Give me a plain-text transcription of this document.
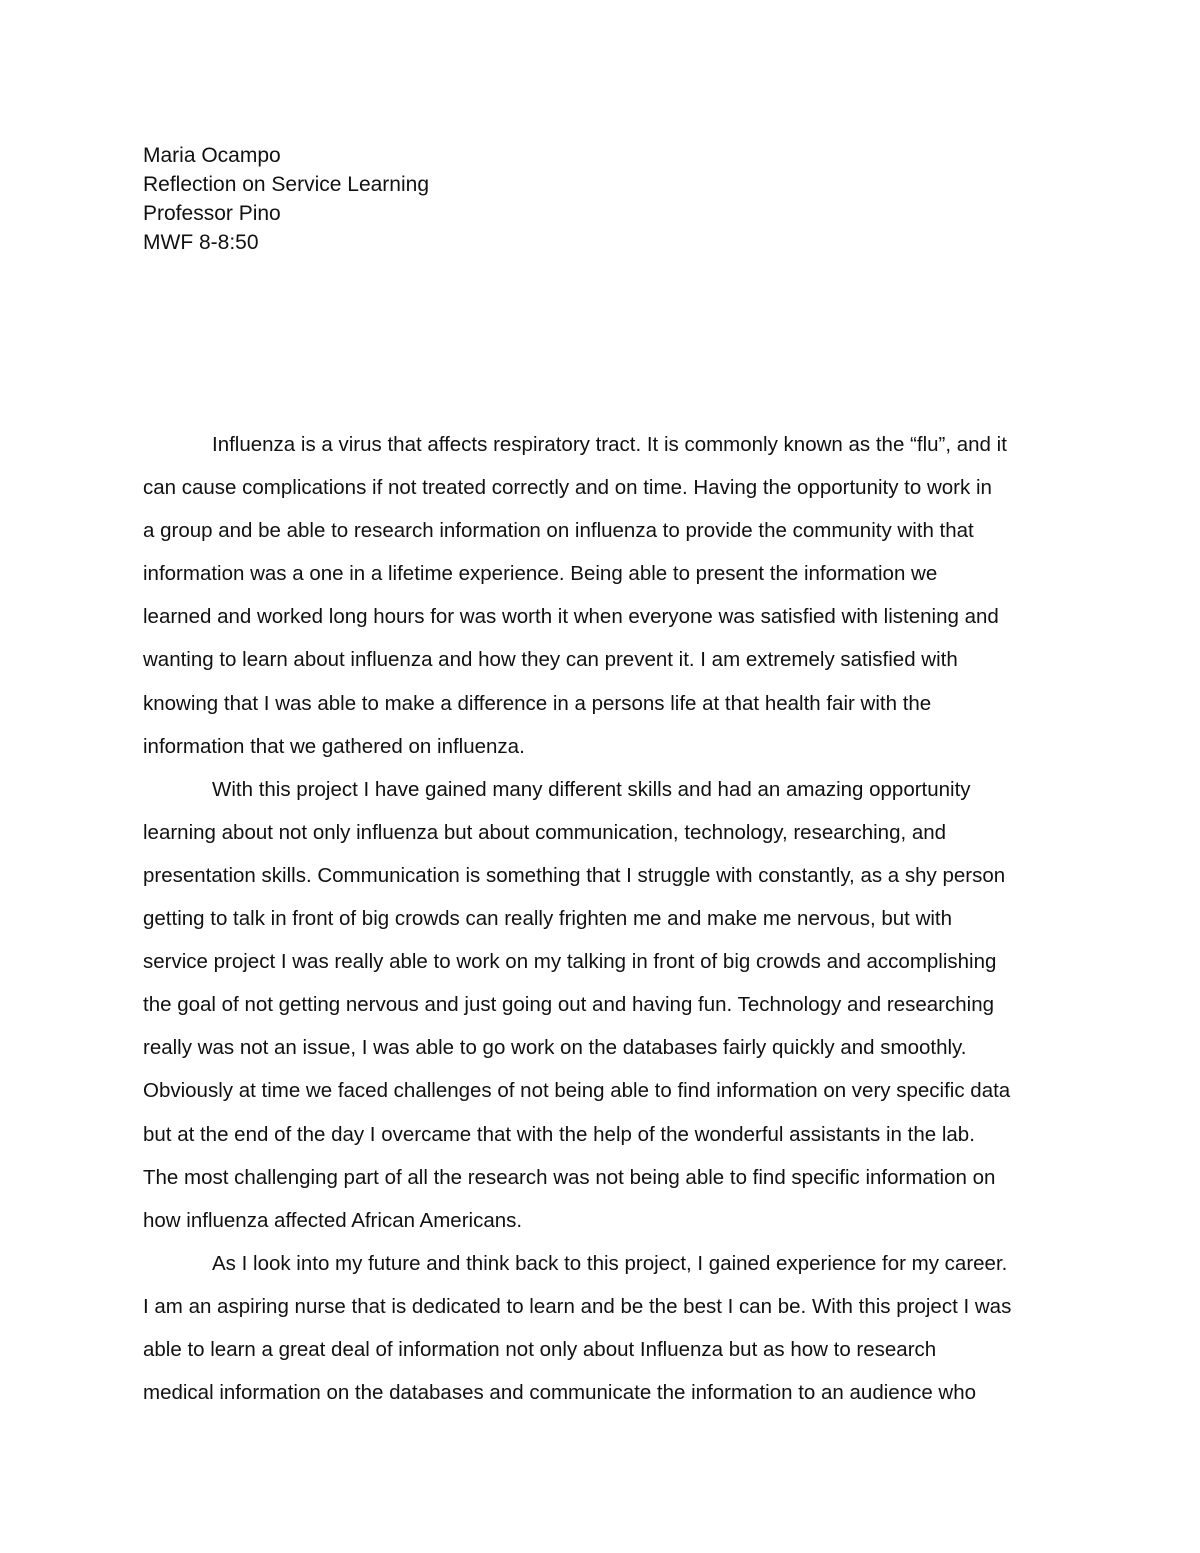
Maria Ocampo
Reflection on Service Learning
Professor Pino
MWF 8-8:50
Influenza is a virus that affects respiratory tract. It is commonly known as the “flu”, and it
can cause complications if not treated correctly and on time. Having the opportunity to work in
a group and be able to research information on influenza to provide the community with that
information was a one in a lifetime experience. Being able to present the information we
learned and worked long hours for was worth it when everyone was satisfied with listening and
wanting to learn about influenza and how they can prevent it. I am extremely satisfied with
knowing that I was able to make a difference in a persons life at that health fair with the
information that we gathered on influenza.
With this project I have gained many different skills and had an amazing opportunity
learning about not only influenza but about communication, technology, researching, and
presentation skills. Communication is something that I struggle with constantly, as a shy person
getting to talk in front of big crowds can really frighten me and make me nervous, but with
service project I was really able to work on my talking in front of big crowds and accomplishing
the goal of not getting nervous and just going out and having fun. Technology and researching
really was not an issue, I was able to go work on the databases fairly quickly and smoothly.
Obviously at time we faced challenges of not being able to find information on very specific data
but at the end of the day I overcame that with the help of the wonderful assistants in the lab.
The most challenging part of all the research was not being able to find specific information on
how influenza affected African Americans.
As I look into my future and think back to this project, I gained experience for my career.
I am an aspiring nurse that is dedicated to learn and be the best I can be. With this project I was
able to learn a great deal of information not only about Influenza but as how to research
medical information on the databases and communicate the information to an audience who
